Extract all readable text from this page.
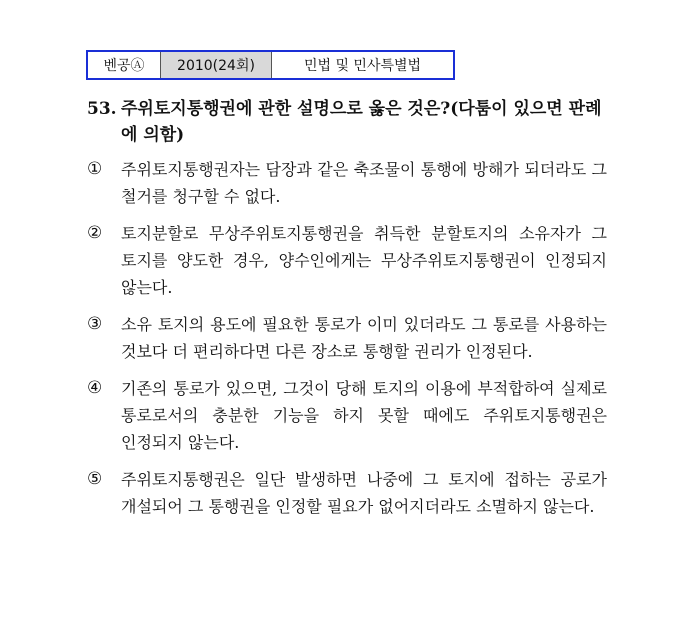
벤공Ⓐ	2010(24회)	민법 및 민사특별법
53. 주위토지통행권에 관한 설명으로 옳은 것은?(다툼이 있으면 판례에 의함)
①	주위토지통행권자는 담장과 같은 축조물이 통행에 방해가 되더라도 그 철거를 청구할 수 없다.
②	토지분할로 무상주위토지통행권을 취득한 분할토지의 소유자가 그 토지를 양도한 경우, 양수인에게는 무상주위토지통행권이 인정되지 않는다.
③	소유 토지의 용도에 필요한 통로가 이미 있더라도 그 통로를 사용하는 것보다 더 편리하다면 다른 장소로 통행할 권리가 인정된다.
④	기존의 통로가 있으면, 그것이 당해 토지의 이용에 부적합하여 실제로 통로로서의 충분한 기능을 하지 못할 때에도 주위토지통행권은 인정되지 않는다.
⑤	주위토지통행권은 일단 발생하면 나중에 그 토지에 접하는 공로가 개설되어 그 통행권을 인정할 필요가 없어지더라도 소멸하지 않는다.
